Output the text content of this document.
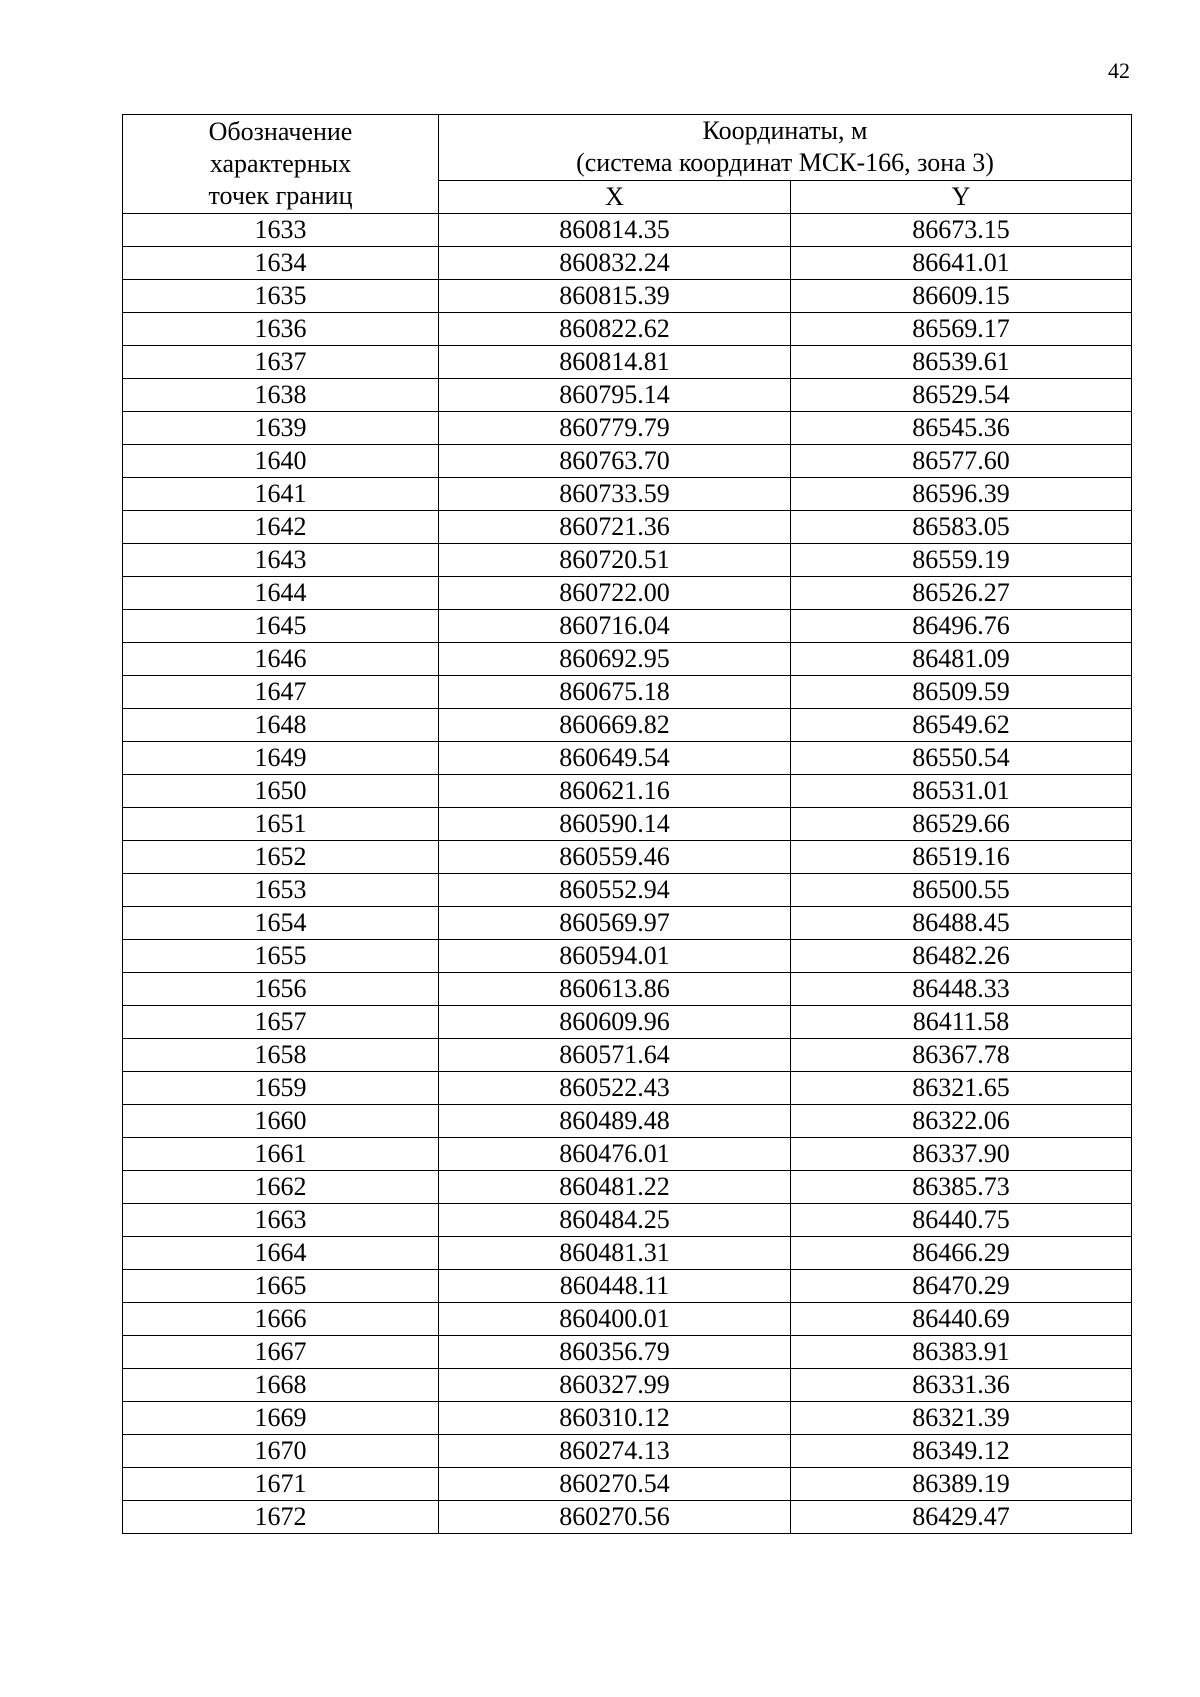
42
Обозначение
характерных
точек границ	Координаты, м
(система координат МСК-166, зона 3)	

	X	Y
1633	860814.35	86673.15
1634	860832.24	86641.01
1635	860815.39	86609.15
1636	860822.62	86569.17
1637	860814.81	86539.61
1638	860795.14	86529.54
1639	860779.79	86545.36
1640	860763.70	86577.60
1641	860733.59	86596.39
1642	860721.36	86583.05
1643	860720.51	86559.19
1644	860722.00	86526.27
1645	860716.04	86496.76
1646	860692.95	86481.09
1647	860675.18	86509.59
1648	860669.82	86549.62
1649	860649.54	86550.54
1650	860621.16	86531.01
1651	860590.14	86529.66
1652	860559.46	86519.16
1653	860552.94	86500.55
1654	860569.97	86488.45
1655	860594.01	86482.26
1656	860613.86	86448.33
1657	860609.96	86411.58
1658	860571.64	86367.78
1659	860522.43	86321.65
1660	860489.48	86322.06
1661	860476.01	86337.90
1662	860481.22	86385.73
1663	860484.25	86440.75
1664	860481.31	86466.29
1665	860448.11	86470.29
1666	860400.01	86440.69
1667	860356.79	86383.91
1668	860327.99	86331.36
1669	860310.12	86321.39
1670	860274.13	86349.12
1671	860270.54	86389.19
1672	860270.56	86429.47
